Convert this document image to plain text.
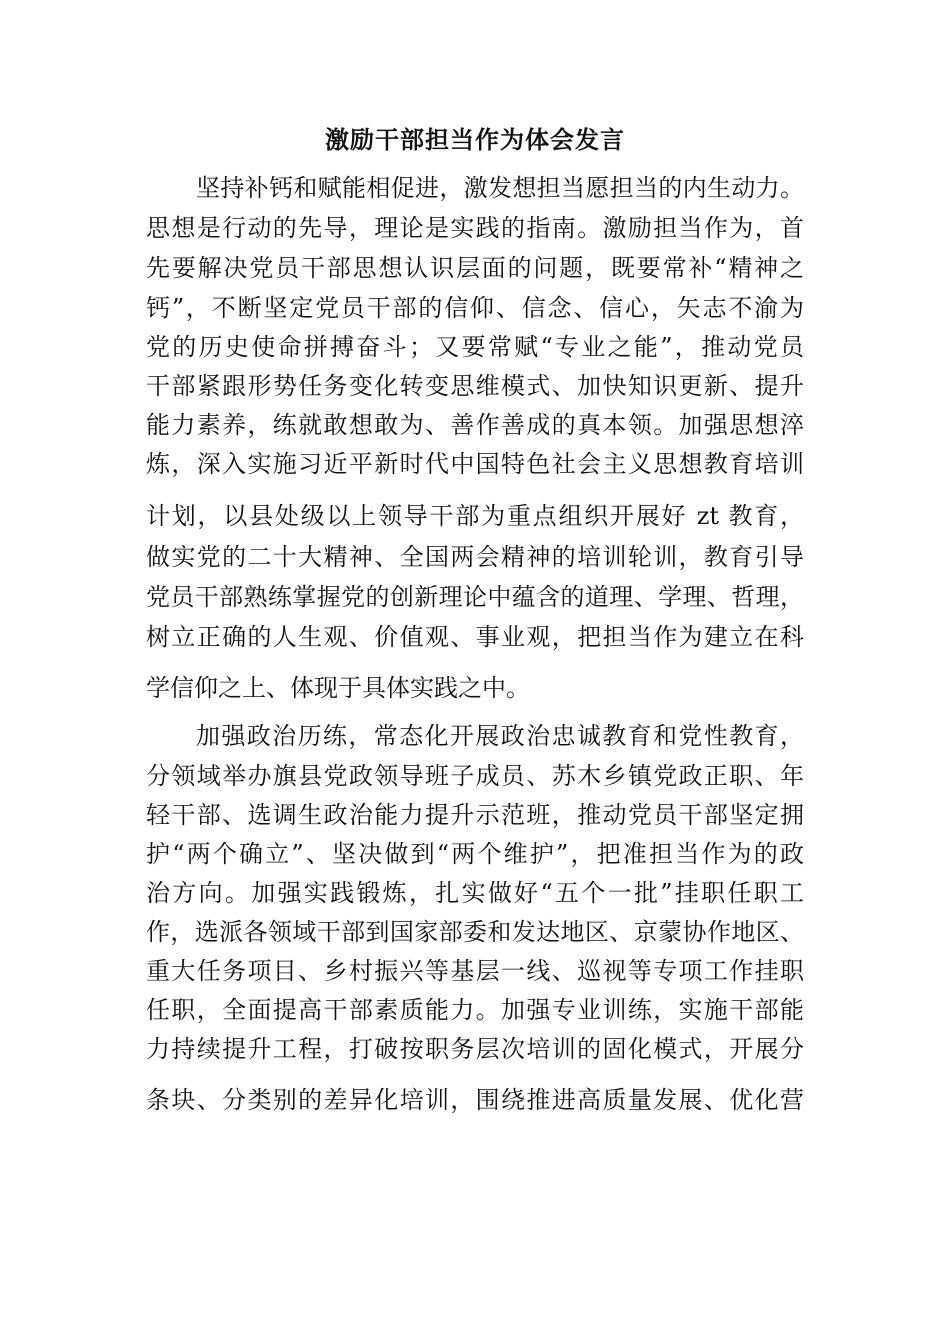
激励干部担当作为体会发言
坚持补钙和赋能相促进，激发想担当愿担当的内生动力。
思想是行动的先导，理论是实践的指南。激励担当作为，首
先要解决党员干部思想认识层面的问题，既要常补“精神之
钙”，不断坚定党员干部的信仰、信念、信心，矢志不渝为
党的历史使命拼搏奋斗；又要常赋“专业之能”，推动党员
干部紧跟形势任务变化转变思维模式、加快知识更新、提升
能力素养，练就敢想敢为、善作善成的真本领。加强思想淬
炼，深入实施习近平新时代中国特色社会主义思想教育培训
计划，以县处级以上领导干部为重点组织开展好 zt 教育，
做实党的二十大精神、全国两会精神的培训轮训，教育引导
党员干部熟练掌握党的创新理论中蕴含的道理、学理、哲理，
树立正确的人生观、价值观、事业观，把担当作为建立在科
学信仰之上、体现于具体实践之中。
加强政治历练，常态化开展政治忠诚教育和党性教育，
分领域举办旗县党政领导班子成员、苏木乡镇党政正职、年
轻干部、选调生政治能力提升示范班，推动党员干部坚定拥
护“两个确立”、坚决做到“两个维护”，把准担当作为的政
治方向。加强实践锻炼，扎实做好“五个一批”挂职任职工
作，选派各领域干部到国家部委和发达地区、京蒙协作地区、
重大任务项目、乡村振兴等基层一线、巡视等专项工作挂职
任职，全面提高干部素质能力。加强专业训练，实施干部能
力持续提升工程，打破按职务层次培训的固化模式，开展分
条块、分类别的差异化培训，围绕推进高质量发展、优化营
